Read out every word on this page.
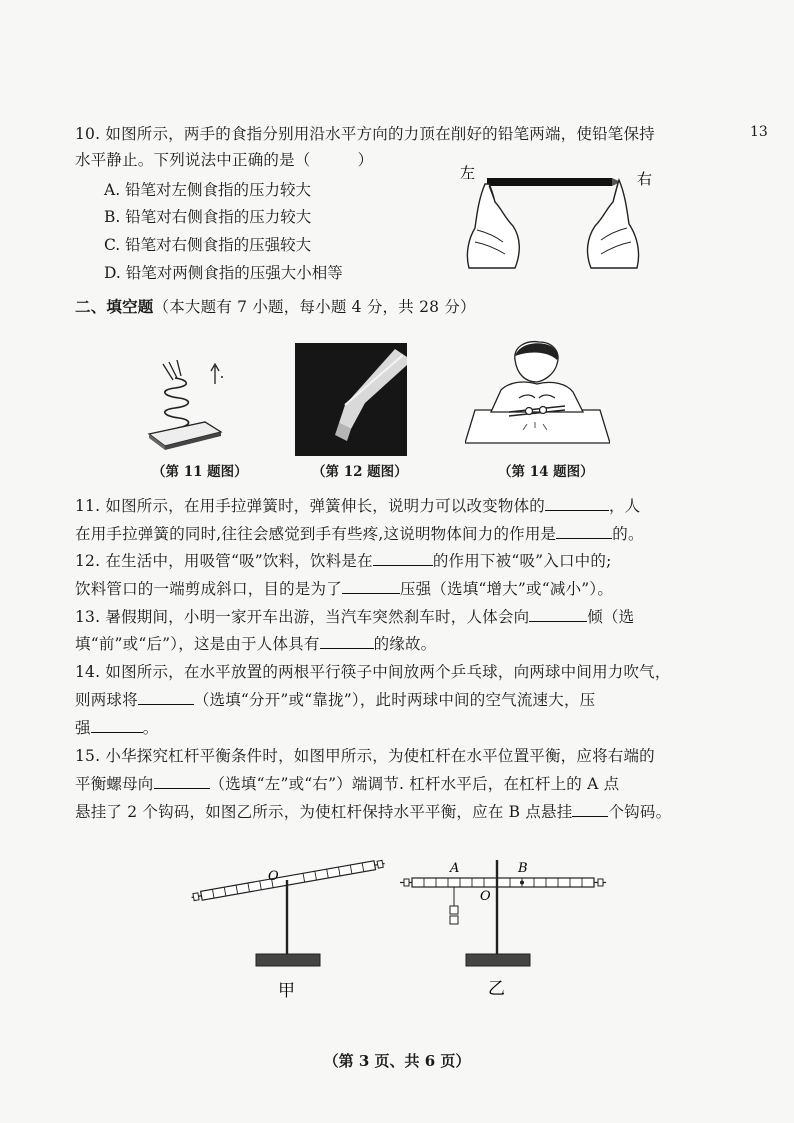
13
10. 如图所示，两手的食指分别用沿水平方向的力顶在削好的铅笔两端，使铅笔保持
水平静止。下列说法中正确的是（　　　）
A. 铅笔对左侧食指的压力较大
B. 铅笔对右侧食指的压力较大
C. 铅笔对右侧食指的压强较大
D. 铅笔对两侧食指的压强大小相等
左	右
二、填空题（本大题有 7 小题，每小题 4 分，共 28 分）
（第 11 题图）	（第 12 题图）	（第 14 题图）
11. 如图所示，在用手拉弹簧时，弹簧伸长，说明力可以改变物体的	，人
在用手拉弹簧的同时,往往会感觉到手有些疼,这说明物体间力的作用是	的。
12. 在生活中，用吸管“吸”饮料，饮料是在	的作用下被“吸”入口中的;
饮料管口的一端剪成斜口，目的是为了	压强（选填“增大”或“减小”）。
13. 暑假期间，小明一家开车出游，当汽车突然刹车时，人体会向	倾（选
填“前”或“后”），这是由于人体具有	的缘故。
14. 如图所示，在水平放置的两根平行筷子中间放两个乒乓球，向两球中间用力吹气，
则两球将	（选填“分开”或“靠拢”），此时两球中间的空气流速大，压
强	。
15. 小华探究杠杆平衡条件时，如图甲所示，为使杠杆在水平位置平衡，应将右端的
平衡螺母向	（选填“左”或“右”）端调节. 杠杆水平后，在杠杆上的 A 点
悬挂了 2 个钩码，如图乙所示，为使杠杆保持水平平衡，应在 B 点悬挂 个钩码。
O
甲
A	B
O
乙
（第 3 页、共 6 页）
